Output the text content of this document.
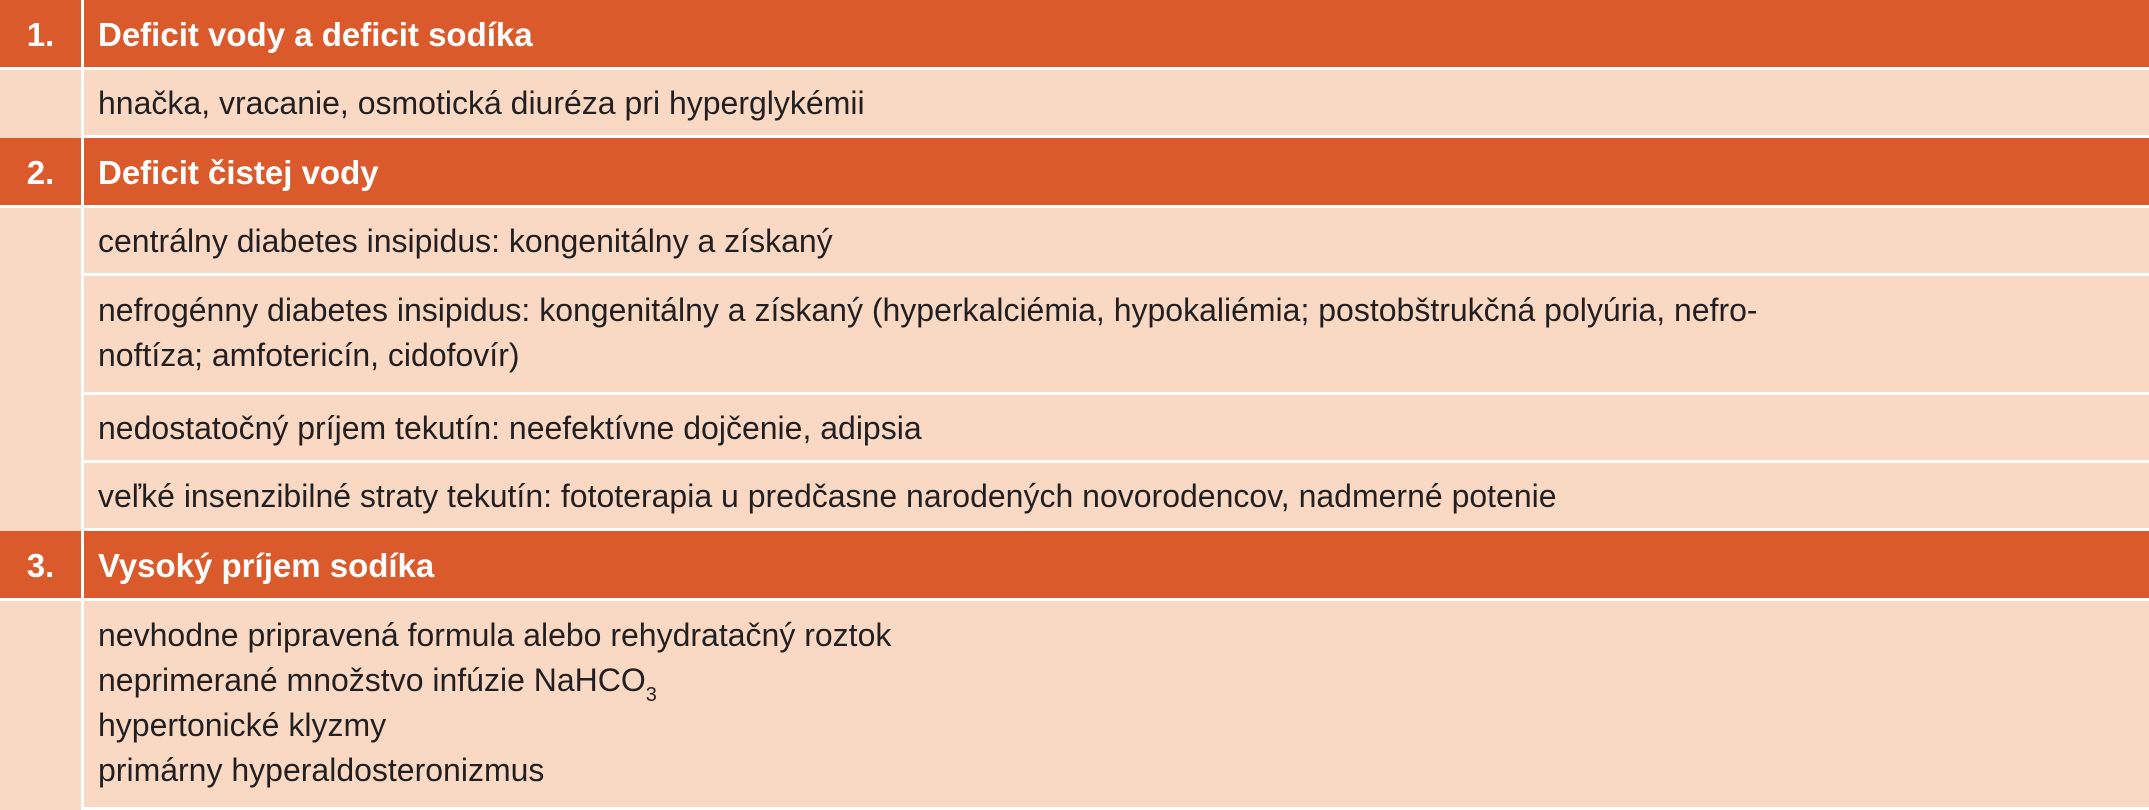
1.	Deficit vody a deficit sodíka
hnačka, vracanie, osmotická diuréza pri hyperglykémii
2.	Deficit čistej vody
centrálny diabetes insipidus: kongenitálny a získaný
nefrogénny diabetes insipidus: kongenitálny a získaný (hyperkalciémia, hypokaliémia; postobštrukčná polyúria, nefro-
noftíza; amfotericín, cidofovír)
nedostatočný príjem tekutín: neefektívne dojčenie, adipsia
veľké insenzibilné straty tekutín: fototerapia u predčasne narodených novorodencov, nadmerné potenie
3.	Vysoký príjem sodíka
nevhodne pripravená formula alebo rehydratačný roztok
neprimerané množstvo infúzie NaHCO$_3$
hypertonické klyzmy
primárny hyperaldosteronizmus
